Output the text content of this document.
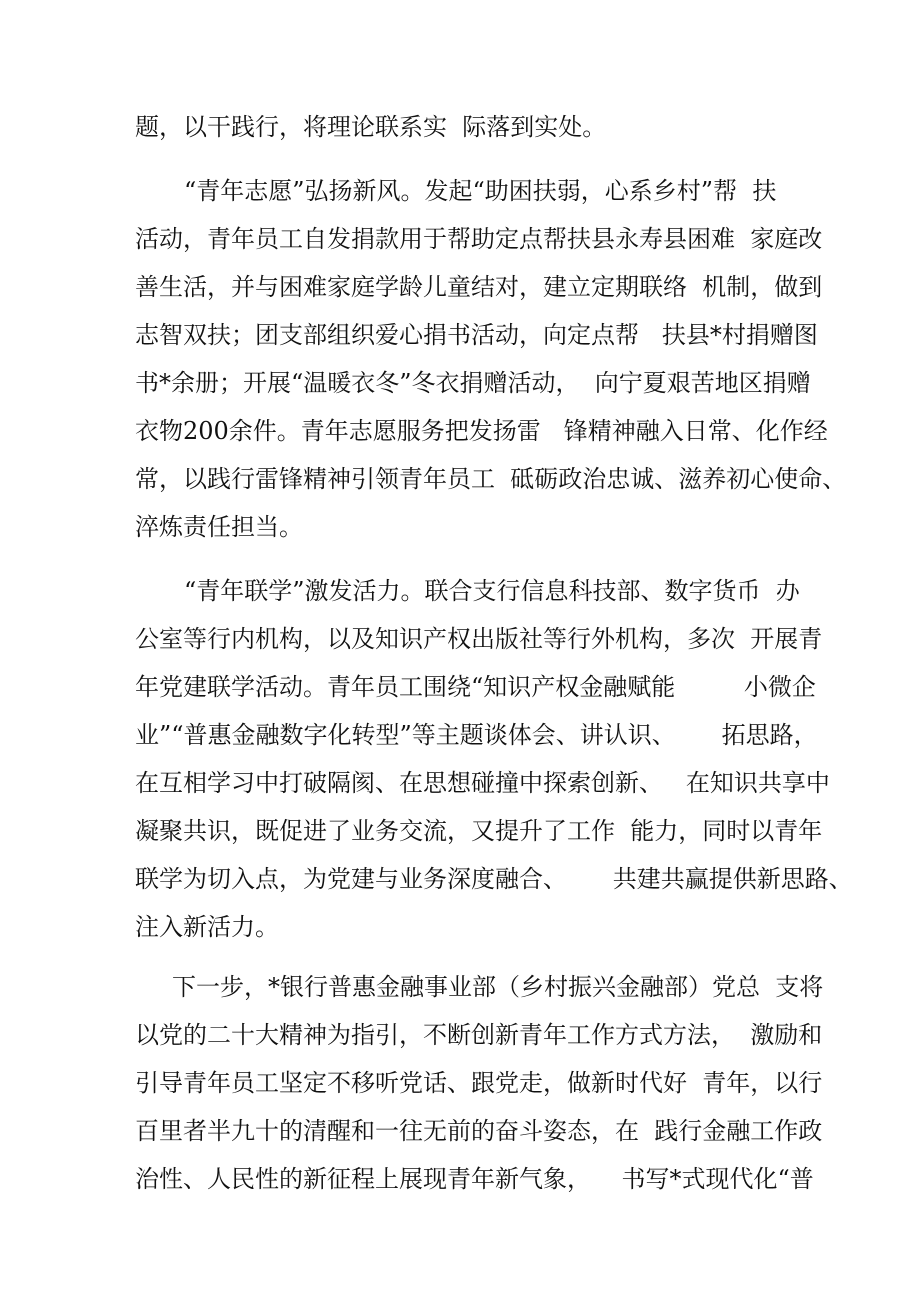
题，以干践行，将理论联系实  际落到实处。
“青年志愿”弘扬新风。发起“助困扶弱，心系乡村”帮  扶
活动，青年员工自发捐款用于帮助定点帮扶县永寿县困难  家庭改
善生活，并与困难家庭学龄儿童结对，建立定期联络  机制，做到
志智双扶；团支部组织爱心捐书活动，向定点帮   扶县*村捐赠图
书*余册；开展“温暖衣冬”冬衣捐赠活动，  向宁夏艰苦地区捐赠
衣物200余件。青年志愿服务把发扬雷   锋精神融入日常、化作经
常，以践行雷锋精神引领青年员工  砥砺政治忠诚、滋养初心使命、
淬炼责任担当。
“青年联学”激发活力。联合支行信息科技部、数字货币  办
公室等行内机构，以及知识产权出版社等行外机构，多次  开展青
年党建联学活动。青年员工围绕“知识产权金融赋能         小微企
业”“普惠金融数字化转型”等主题谈体会、讲认识、      拓思路，
在互相学习中打破隔阂、在思想碰撞中探索创新、   在知识共享中
凝聚共识，既促进了业务交流，又提升了工作  能力，同时以青年
联学为切入点，为党建与业务深度融合、      共建共赢提供新思路、
注入新活力。
下一步，*银行普惠金融事业部（乡村振兴金融部）党总  支将
以党的二十大精神为指引，不断创新青年工作方式方法，  激励和
引导青年员工坚定不移听党话、跟党走，做新时代好  青年，以行
百里者半九十的清醒和一往无前的奋斗姿态，在  践行金融工作政
治性、人民性的新征程上展现青年新气象，    书写*式现代化“普
